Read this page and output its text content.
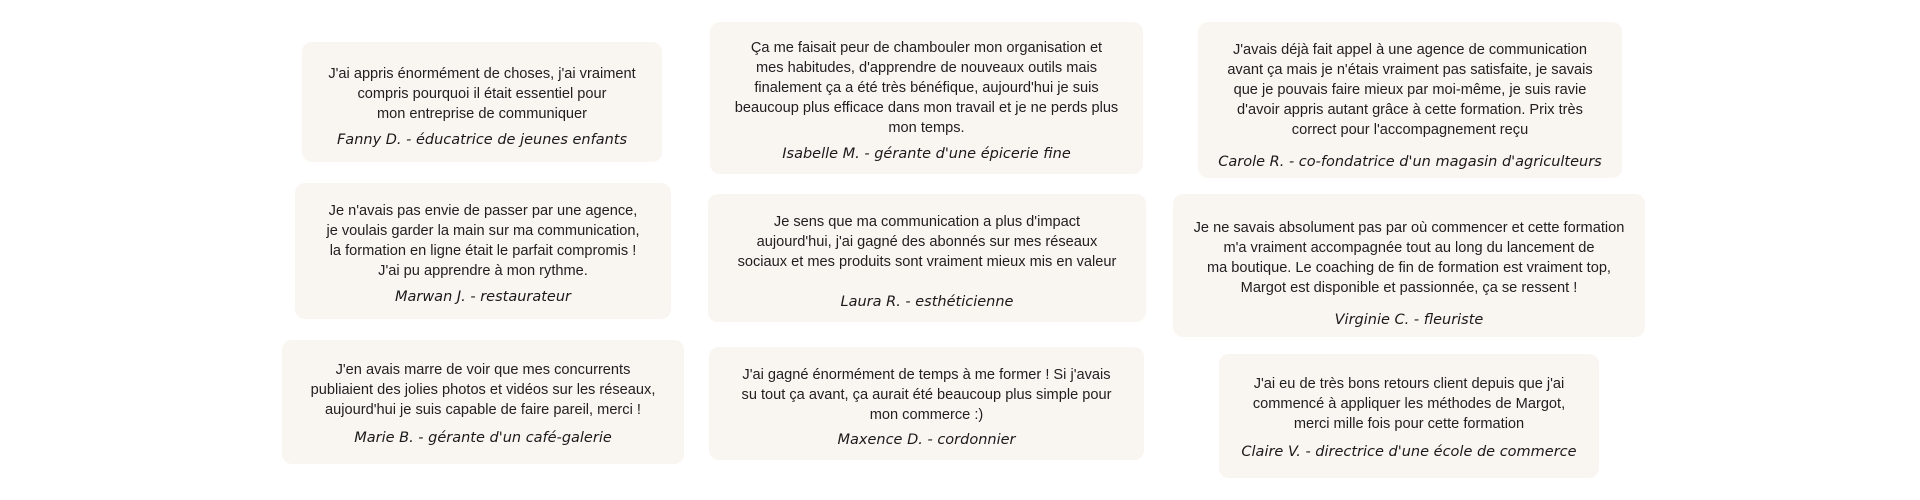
J'ai appris énormément de choses, j'ai vraiment
compris pourquoi il était essentiel pour
mon entreprise de communiquer

Fanny D. - éducatrice de jeunes enfants

Ça me faisait peur de chambouler mon organisation et
mes habitudes, d'apprendre de nouveaux outils mais
finalement ça a été très bénéfique, aujourd'hui je suis
beaucoup plus efficace dans mon travail et je ne perds plus
mon temps.

Isabelle M. - gérante d'une épicerie fine

J'avais déjà fait appel à une agence de communication
avant ça mais je n'étais vraiment pas satisfaite, je savais
que je pouvais faire mieux par moi-même, je suis ravie
d'avoir appris autant grâce à cette formation. Prix très
correct pour l'accompagnement reçu

Carole R. - co-fondatrice d'un magasin d'agriculteurs

Je n'avais pas envie de passer par une agence,
je voulais garder la main sur ma communication,
la formation en ligne était le parfait compromis !
J'ai pu apprendre à mon rythme.

Marwan J. - restaurateur

Je sens que ma communication a plus d'impact
aujourd'hui, j'ai gagné des abonnés sur mes réseaux
sociaux et mes produits sont vraiment mieux mis en valeur

Laura R. - esthéticienne

Je ne savais absolument pas par où commencer et cette formation
m'a vraiment accompagnée tout au long du lancement de
ma boutique. Le coaching de fin de formation est vraiment top,
Margot est disponible et passionnée, ça se ressent !

Virginie C. - fleuriste

J'en avais marre de voir que mes concurrents
publiaient des jolies photos et vidéos sur les réseaux,
aujourd'hui je suis capable de faire pareil, merci !

Marie B. - gérante d'un café-galerie

J'ai gagné énormément de temps à me former ! Si j'avais
su tout ça avant, ça aurait été beaucoup plus simple pour
mon commerce :)

Maxence D. - cordonnier

J'ai eu de très bons retours client depuis que j'ai
commencé à appliquer les méthodes de Margot,
merci mille fois pour cette formation

Claire V. - directrice d'une école de commerce
